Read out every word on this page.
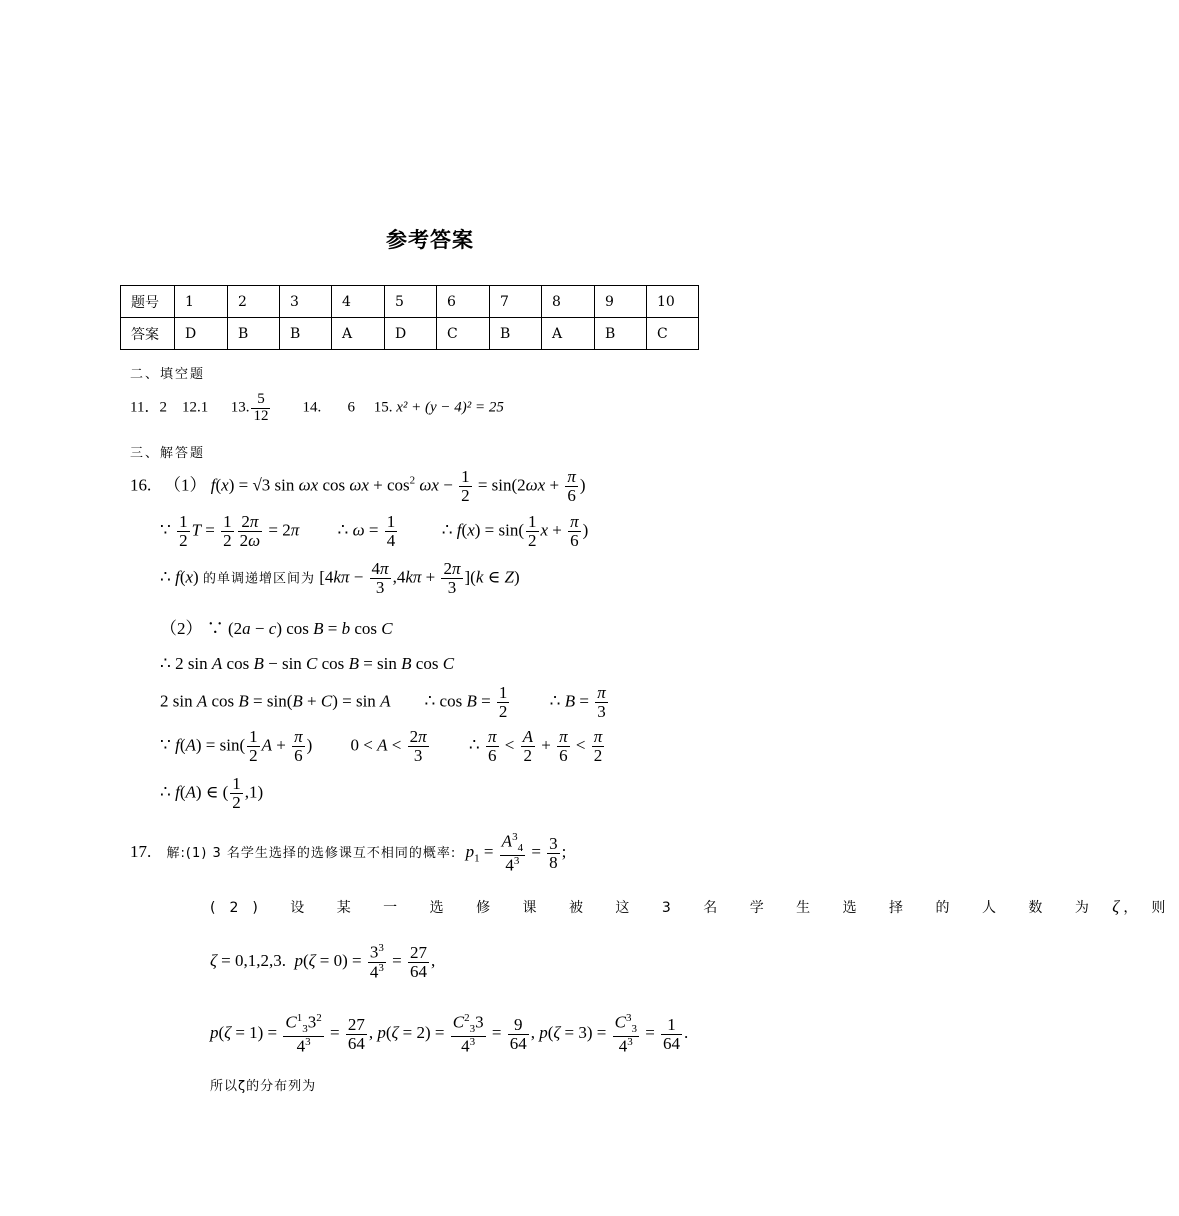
参考答案
题号	1	2	3	4	5	6	7	8	9	10
答案	D	B	B	A	D	C	B	A	B	C
二、填空题
11．2 12.1 13. $\frac{5}{12} 14$. 6 15. x² + (y − 4)² = 25
三、解答题
16. （1） f(x) = √3 sin ωx $\cos \omega x + \cos^2 \omega x - \frac{1}{2} = \sin(2\omega x + \frac{\pi}{6}$ )
∵ $\frac{1}{2}$ $T = \frac{1}{2} \frac{2\pi}{2\omega} = 2\pi$         ∴ $\omega = \frac{1}{4}$ ∴ $f(x) = \sin( \frac{1}{2}$ $x + \frac{\pi}{6}$ )
∴ f(x) 的单调递增区间为 $[4k\pi - \frac{4\pi}{3} ,4k\pi + \frac{2\pi}{3} ](k$ ∈ Z)
（2） ∵ (2a − c) cos B = b cos C
∴ 2 sin A cos B − sin C cos B = sin B cos C
2 sin A cos B = sin(B + C) = sin A        ∴ $\cos B = \frac{1}{2}$ ∴ $B = \frac{\pi}{3}$
∵ $f(A) = \sin( \frac{1}{2}$ $A + \frac{\pi}{6}$ )         $0 < A < \frac{2\pi}{3}$ ∴ $\frac{\pi}{6} < \frac{A}{2} + \frac{\pi}{6} < \frac{\pi}{2}$
∴ f(A) ∈ ( $\frac{1}{2} ,1$)
17. 解:(1) 3 名学生选择的选修课互不相同的概率: $p_1 = \frac{A^3_4}{4^3} = \frac{3}{8}$ ;
(2) 设 某 一 选 修 课 被 这 3 名 学 生 选 择 的 人 数 为  ζ ，则
ζ = 0,1,2,3.  $p(\zeta = 0) = \frac{3^3}{4^3} = \frac{27}{64}$ ,
$p(\zeta = 1) = \frac{C^1_33^2}{4^3} = \frac{27}{64}$ , $p(\zeta = 2) = \frac{C^2_33}{4^3} = \frac{9}{64}$ , $p(\zeta = 3) = \frac{C^3_3}{4^3} = \frac{1}{64}$ .
所以ζ的分布列为
